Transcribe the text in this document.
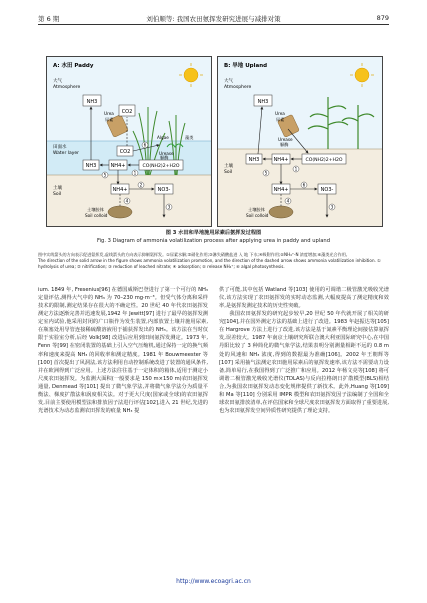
第 6 期	刘伯顺等: 我国农田氨挥发研究进展与减排对策	879
A: 水田 Paddy
大气
Atmosphere
田面水
Water layer
土壤
Soil
Urea
尿素
Algae	藻类
NH3
CO2
CO2
NH3	NH4+	CO(NH2)2+H2O
Urease
脲酶
NH4+	NO3-
土壤胶体
Soil colloid
1
2
3
4
5
6
B: 旱地 Upland
大气
Atmosphere
土壤
Soil
Urea
尿素
NH3
NH3	NH4+	CO(NH2)2+H2O
Urease
脲酶
NH4+	NO3-
土壤胶体
Soil colloid
1
3
4
5
6
图 3 水田和旱地施用尿素后氨挥发过程图
Fig. 3 Diagram of ammonia volatilization process after applying urea in paddy and upland

图中实线箭头的方向表示促进氨挥发,虚线箭头的方向表示抑制氨挥发。①尿素水解;②硝化作用;③淋失硝酸盐进 入 地 下水;④吸附作用;⑤NH₄⁺-N 浓度增加;⑥藻类光合作用。

The direction of the solid arrow in the figure shows ammonia volatilization promotion, and the direction of the dashed arrow shows ammonia volatilization inhibition. ① hydrolysis of urea; ② nitrification; ③ reduction of leached nitrate; ④ adsorption; ⑤ release NH₄⁺; ⑥ algal photosynthesis.

ium. 1849 年, Fresenius[96] 在德国威斯巴登进行了第一个可行的 NH₃ 定量评估,测得大气中的 NH₃ 为 70–230 mg·m⁻³。但受气体分离和采样技术的限制,测定结果存在很大的不确定性。20 世纪 40 年代农田氨挥发测定方法逐渐完善并迅速发展,1942 年 Jewitt[97] 进行了最早的氨挥发测定室内试验,他采用封闭的广口瓶作为发生装置,内部放置土壤并施用尿素,在瓶塞处用导管连接稀硫酸溶液用于捕获挥发出的 NH₃。该方法在当时仅限于实验室分析,后经 Volk[98] 改进后应用到田间氨挥发测定。1973 年, Fenn 等[99] 在密闭装置的基础上引入空气压缩机,通过保持一定的换气频率和速度来提高 NH₃ 的回收率和测定精度。1981 年 Bouwmeester 等[100] 首次提出了风洞法,该方法利用自动控制系统改进了装置的通风条件,并在欧洲得到广泛应用。上述方法往往基于一定体积的箱体,适用于测定小尺度农田氨挥发。为监测大面积(一般要求是 150 m×150 m)农田氨挥发通量, Denmead 等[101] 提出了微气象学法,并将微气象学法分为质量平衡法、梯度扩散法和涡度相关法。对于更大尺度(国家或全球)的农田氨挥发,目前主要使用模型法和排放因子法进行评估[102],进入 21 世纪,先进的光谱技术为动态监测农田挥发的痕量 NH₃ 提

供了可能,其中包括 Watland 等[103] 使用的可调谐二极管激光吸收光谱仪,该方法实现了农田氨挥发的实时动态监测,大幅度提高了测定精度和效率,是氨挥发测定技术的历史性突破。

我国农田氨挥发的研究起步较早,20 世纪 50 年代就开展了相关的研究[104],并在国外测定方法的基础上进行了改进。1983 年赵振达等[105] 在 Hargrove 方法上进行了改进,该方法是基于氮素平衡理论间接估算氨挥发,误差较大。1987 年南京土壤研究所联合澳大利亚国际研究中心,在中国丹阳比较了 3 种简化的微气象学法,结果表明分别测量相距不远的 0.8 m 处的风速和 NH₃ 浓度,得到的数据最为准确[106]。2002 年王朝辉等[107] 采用抽气法测定农田施用尿素后的氨挥发速率,该方法不需要动力设备,简单易行,在我国得到了广泛推广和应用。2012 年杨文亮等[108] 将可调谐二极管激光吸收光谱仪(TDLAS)与反向拉格朗日扩散模型(BLS)相结合,为我国农田氨挥发动态变化规律提供了新技术。此外,Huang 等[109] 和 Ma 等[110] 分别采用 IMPR 模型和农田氨挥发因子法编制了全国和全球农田氨排放清单,在评估国家和全球尺度农田氨挥发方面取得了重要进展,也为农田氨挥发空间异质性研究提供了理论支持。

http://www.ecoagri.ac.cn
